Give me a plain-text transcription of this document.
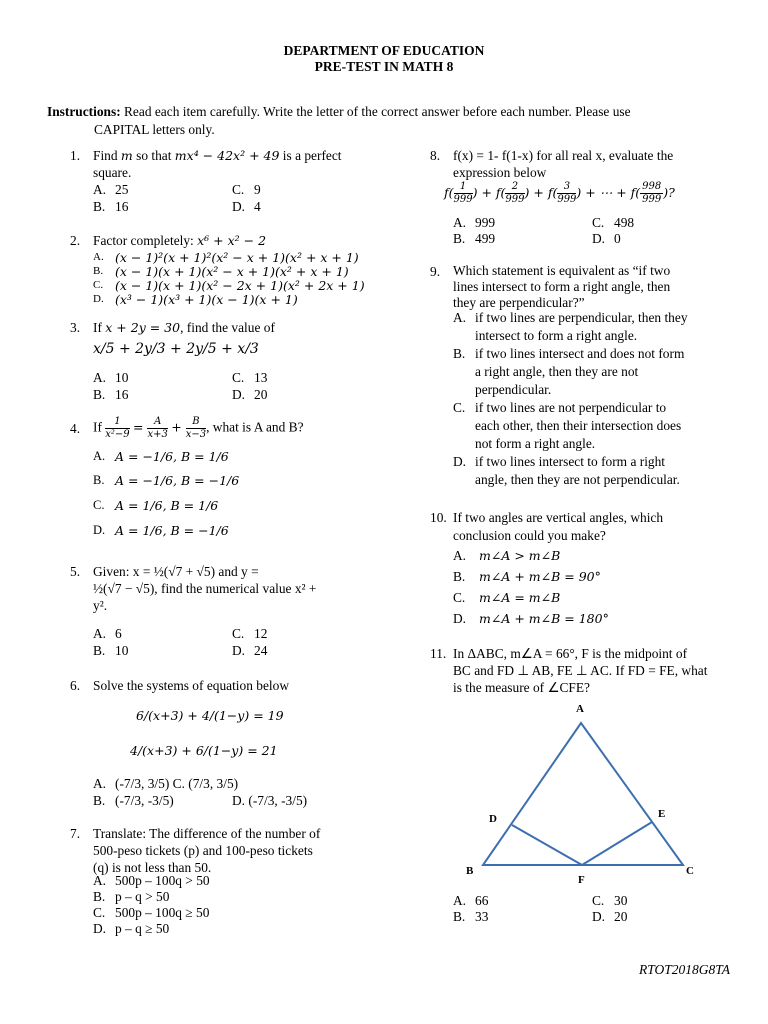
DEPARTMENT OF EDUCATION
PRE-TEST IN MATH 8
Instructions: Read each item carefully. Write the letter of the correct answer before each number. Please use
CAPITAL letters only.
1. Find m so that mx⁴ − 42x² + 49 is a perfect
square.
A. 25
B. 16
C. 9
D. 4
2. Factor completely: x⁶ + x² − 2
A. (x − 1)²(x + 1)²(x² − x + 1)(x² + x + 1)
B. (x − 1)(x + 1)(x² − x + 1)(x² + x + 1)
C. (x − 1)(x + 1)(x² − 2x + 1)(x² + 2x + 1)
D. (x³ − 1)(x³ + 1)(x − 1)(x + 1)
3. If x + 2y = 30, find the value of
x/5 + 2y/3 + 2y/5 + x/3
A. 10
B. 16
C. 13
D. 20
4. If $\frac{1}{\text{x²−9}} = \frac{A}{x+3} + \frac{B}{x-3}$ , what is A and B?
A. A = −1/6, B = 1/6
B. A = −1/6, B = −1/6
C. A = 1/6, B = 1/6
D. A = 1/6, B = −1/6
5. Given: x = ½(√7 + √5) and y =
½(√7 − √5), find the numerical value x² +
y².
A. 6
B. 10
C. 12
D. 24
6. Solve the systems of equation below
6/(x+3) + 4/(1−y) = 19
4/(x+3) + 6/(1−y) = 21
A. (-7/3, 3/5) C. (7/3, 3/5)
B. (-7/3, -3/5)	D. (-7/3, -3/5)
7. Translate: The difference of the number of
500-peso tickets (p) and 100-peso tickets
(q) is not less than 50.
A. 500p – 100q > 50
B. p – q > 50
C. 500p – 100q ≥ 50
D. p – q ≥ 50
8. f(x) = 1- f(1-x) for all real x, evaluate the
expression below
$f( \frac{1}{999}$ ) + $f( \frac{2}{999}$ ) + $f( \frac{3}{999}$ ) + ⋯ + $f( \frac{998}{999}$ )?
A. 999
B. 499
C. 498
D. 0
9. Which statement is equivalent as “if two
lines intersect to form a right angle, then
they are perpendicular?”
A. if two lines are perpendicular, then they
intersect to form a right angle.
B. if two lines intersect and does not form
a right angle, then they are not
perpendicular.
C. if two lines are not perpendicular to
each other, then their intersection does
not form a right angle.
D. if two lines intersect to form a right
angle, then they are not perpendicular.
10. If two angles are vertical angles, which
conclusion could you make?
A. m∠A > m∠B
B. m∠A + m∠B = 90°
C. m∠A = m∠B
D. m∠A + m∠B = 180°
11. In ΔABC, m∠A = 66°, F is the midpoint of
BC and FD ⊥ AB, FE ⊥ AC. If FD = FE, what
is the measure of ∠CFE?
A. 66
B. 33
C. 30
D. 20
A
B	C
D	E
F
RTOT2018G8TA
